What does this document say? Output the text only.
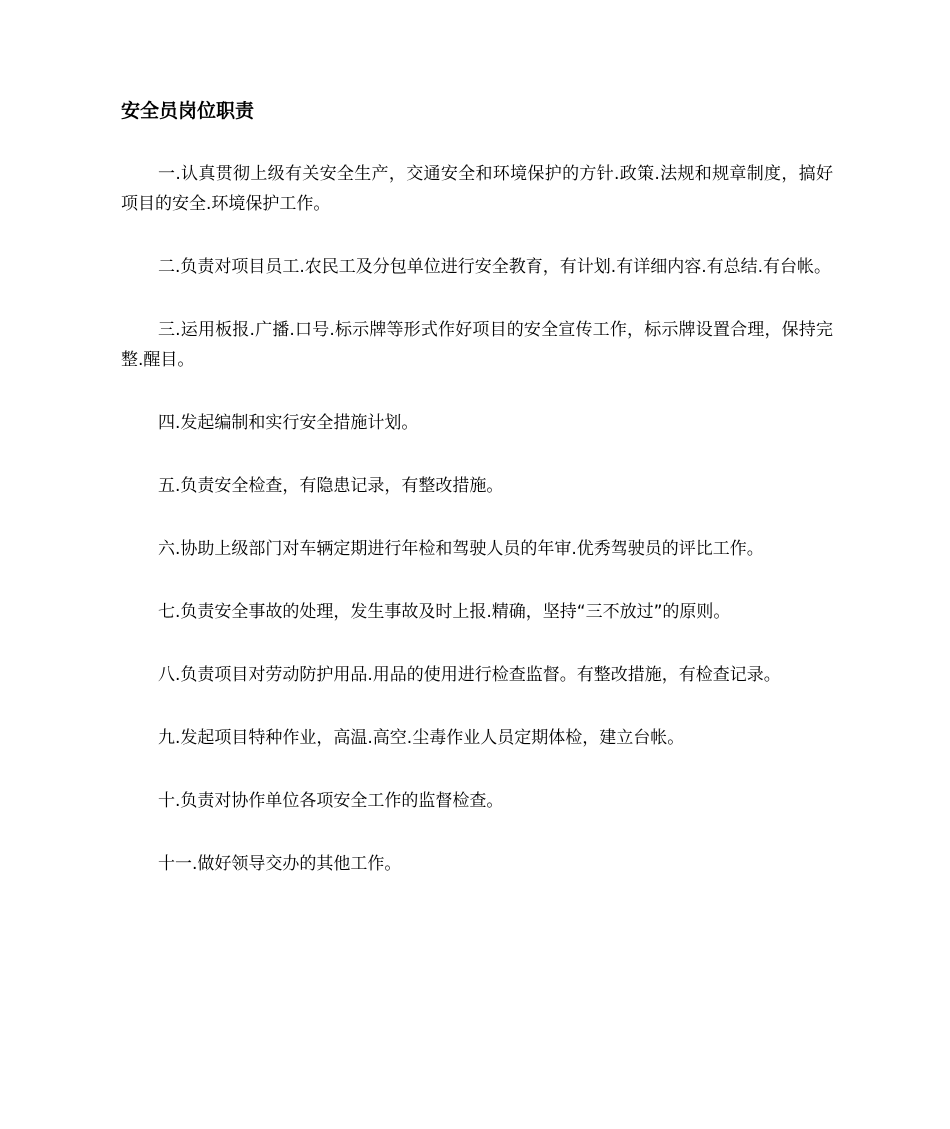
安全员岗位职责

一.认真贯彻上级有关安全生产，交通安全和环境保护的方针.政策.法规和规章制度，搞好项目的安全.环境保护工作。

二.负责对项目员工.农民工及分包单位进行安全教育，有计划.有详细内容.有总结.有台帐。

三.运用板报.广播.口号.标示牌等形式作好项目的安全宣传工作，标示牌设置合理，保持完整.醒目。

四.发起编制和实行安全措施计划。

五.负责安全检查，有隐患记录，有整改措施。

六.协助上级部门对车辆定期进行年检和驾驶人员的年审.优秀驾驶员的评比工作。

七.负责安全事故的处理，发生事故及时上报.精确，坚持“三不放过”的原则。

八.负责项目对劳动防护用品.用品的使用进行检查监督。有整改措施，有检查记录。

九.发起项目特种作业，高温.高空.尘毒作业人员定期体检，建立台帐。

十.负责对协作单位各项安全工作的监督检查。

十一.做好领导交办的其他工作。
